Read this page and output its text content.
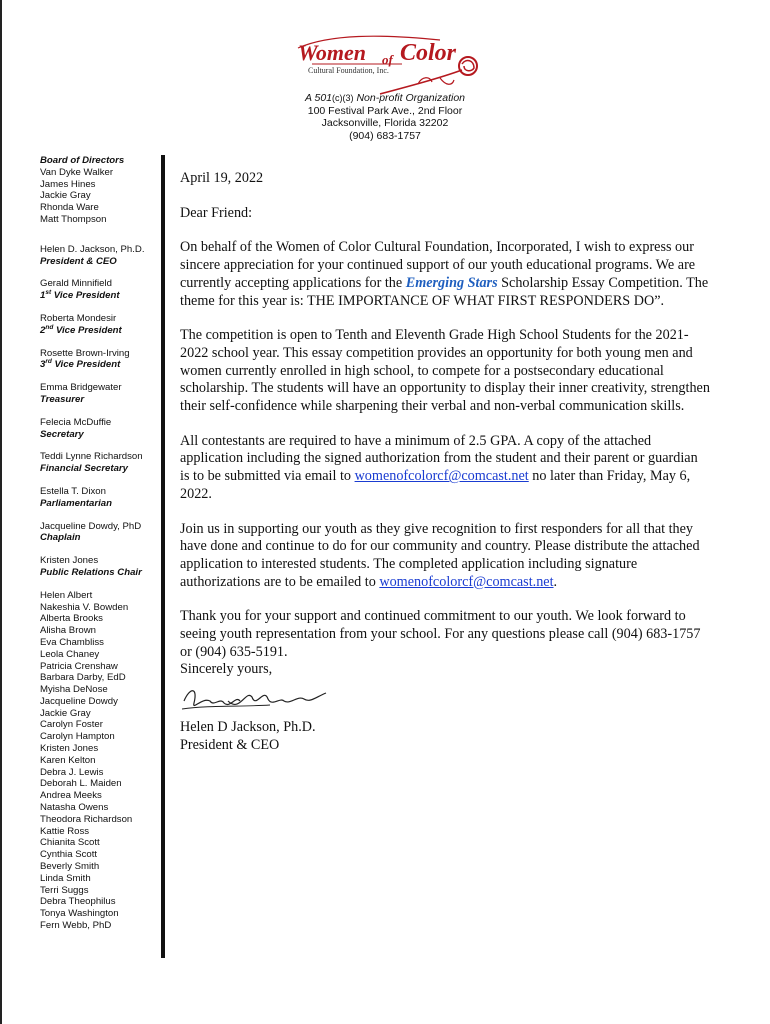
Women of Color
Cultural Foundation, Inc.
A 501(c)(3) Non-profit Organization
100 Festival Park Ave., 2nd Floor
Jacksonville, Florida 32202
(904) 683-1757
Board of Directors
Van Dyke Walker
James Hines
Jackie Gray
Rhonda Ware
Matt Thompson
Helen D. Jackson, Ph.D.
President & CEO
Gerald Minnifield
1st Vice President
Roberta Mondesir
2nd Vice President
Rosette Brown-Irving
3rd Vice President
Emma Bridgewater
Treasurer
Felecia McDuffie
Secretary
Teddi Lynne Richardson
Financial Secretary
Estella T. Dixon
Parliamentarian
Jacqueline Dowdy, PhD
Chaplain
Kristen Jones
Public Relations Chair
Helen Albert
Nakeshia V. Bowden
Alberta Brooks
Alisha Brown
Eva Chambliss
Leola Chaney
Patricia Crenshaw
Barbara Darby, EdD
Myisha DeNose
Jacqueline Dowdy
Jackie Gray
Carolyn Foster
Carolyn Hampton
Kristen Jones
Karen Kelton
Debra J. Lewis
Deborah L. Maiden
Andrea Meeks
Natasha Owens
Theodora Richardson
Kattie Ross
Chianita Scott
Cynthia Scott
Beverly Smith
Linda Smith
Terri Suggs
Debra Theophilus
Tonya Washington
Fern Webb, PhD

April 19, 2022

Dear Friend:

On behalf of the Women of Color Cultural Foundation, Incorporated, I wish to express our sincere appreciation for your continued support of our youth educational programs. We are currently accepting applications for the Emerging Stars Scholarship Essay Competition. The theme for this year is: THE IMPORTANCE OF WHAT FIRST RESPONDERS DO”.

The competition is open to Tenth and Eleventh Grade High School Students for the 2021-2022 school year. This essay competition provides an opportunity for both young men and women currently enrolled in high school, to compete for a postsecondary educational scholarship. The students will have an opportunity to display their inner creativity, strengthen their self-confidence while sharpening their verbal and non-verbal communication skills.

All contestants are required to have a minimum of 2.5 GPA. A copy of the attached application including the signed authorization from the student and their parent or guardian is to be submitted via email to womenofcolorcf@comcast.net no later than Friday, May 6, 2022.

Join us in supporting our youth as they give recognition to first responders for all that they have done and continue to do for our community and country. Please distribute the attached application to interested students. The completed application including signature authorizations are to be emailed to womenofcolorcf@comcast.net.

Thank you for your support and continued commitment to our youth. We look forward to seeing youth representation from your school. For any questions please call (904) 683-1757 or (904) 635-5191.

Sincerely yours,

Helen D Jackson, Ph.D.

President & CEO
